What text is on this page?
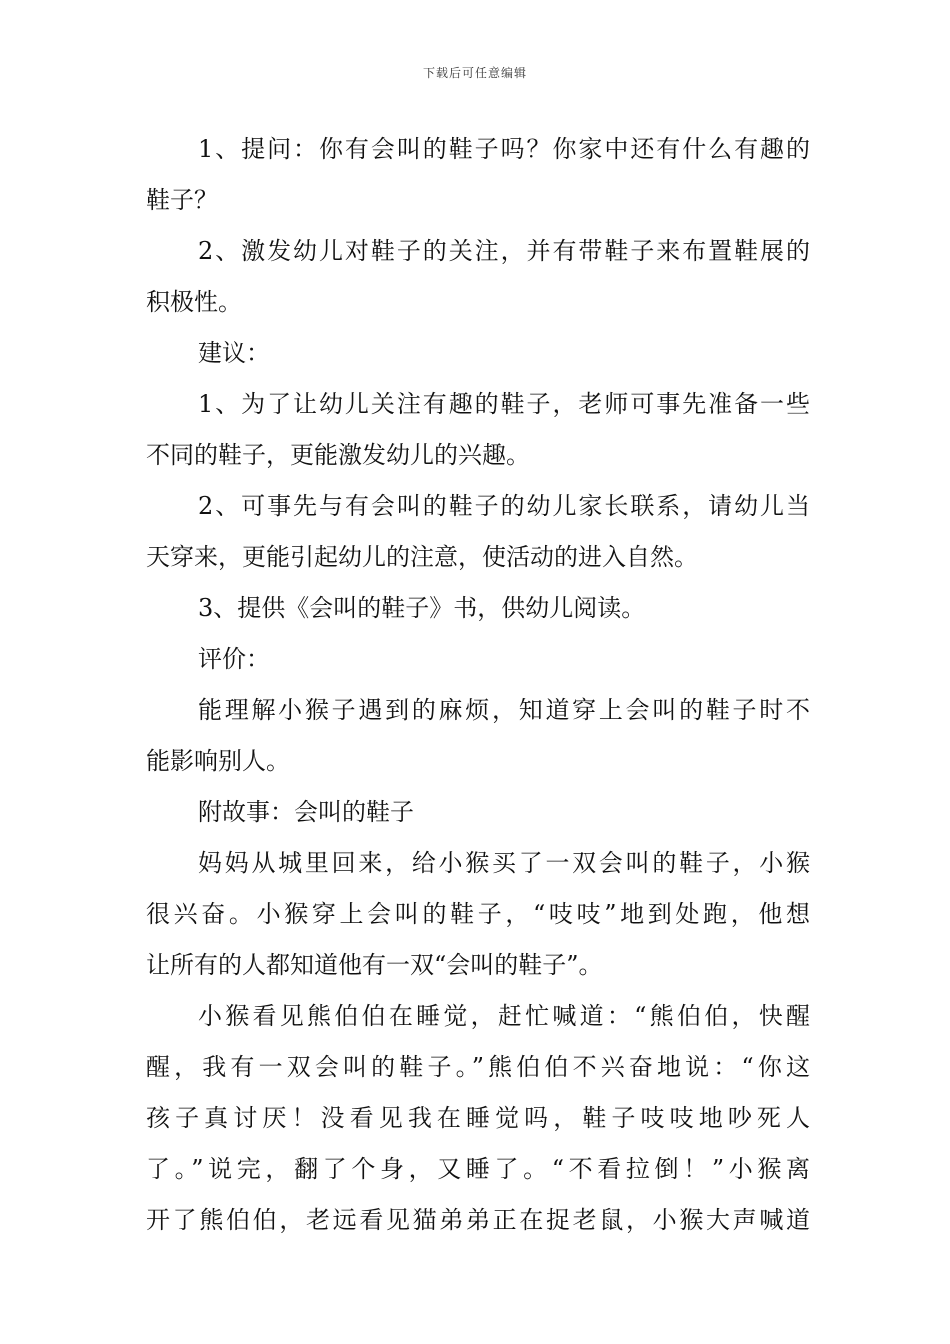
下载后可任意编辑
1、提问：你有会叫的鞋子吗？你家中还有什么有趣的
鞋子？
2、激发幼儿对鞋子的关注，并有带鞋子来布置鞋展的
积极性。
建议：
1、为了让幼儿关注有趣的鞋子，老师可事先准备一些
不同的鞋子，更能激发幼儿的兴趣。
2、可事先与有会叫的鞋子的幼儿家长联系，请幼儿当
天穿来，更能引起幼儿的注意，使活动的进入自然。
3、提供《会叫的鞋子》书，供幼儿阅读。
评价：
能理解小猴子遇到的麻烦，知道穿上会叫的鞋子时不
能影响别人。
附故事：会叫的鞋子
妈妈从城里回来，给小猴买了一双会叫的鞋子，小猴
很兴奋。小猴穿上会叫的鞋子，“吱吱”地到处跑，他想
让所有的人都知道他有一双“会叫的鞋子”。
小猴看见熊伯伯在睡觉，赶忙喊道：“熊伯伯，快醒
醒，我有一双会叫的鞋子。”熊伯伯不兴奋地说：“你这
孩子真讨厌！没看见我在睡觉吗，鞋子吱吱地吵死人
了。”说完，翻了个身，又睡了。“不看拉倒！”小猴离
开了熊伯伯，老远看见猫弟弟正在捉老鼠，小猴大声喊道
